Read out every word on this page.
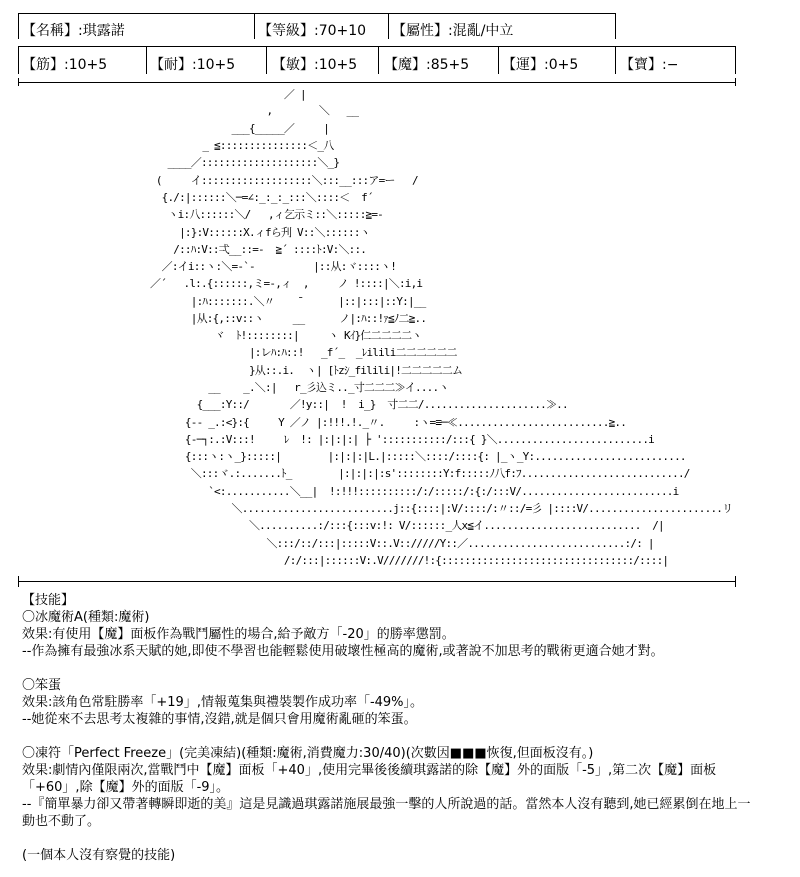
【名稱】:琪露諾	【等級】:70+10 【屬性】:混亂/中立
【筋】:10+5	【耐】:10+5	【敏】:10+5 【魔】:85+5 【運】:0+5	【寶】:−
／ |
,        ＼   __
___{_____／     |
_ ≦:::::::::::::::＜_八
____／::::::::::::::::::::＼_}
(     イ:::::::::::::::::::＼:::__:::ア=ー   /
{./:|::::::＼─=∠:_:_:_:::＼::::＜  f´
ヽi:八::::::＼/   ,ィ乞示ミ::＼:::::≧=-
|:}:V::::::X.ィfら刋 V::＼::::::ヽ
/::ﾊ:V::弌__::=-  ≧´ ::::ﾄ:V:＼::.
／:イi::ヽ:＼=-`-          |::从:ヾ::::ヽ!
／´   .l:.{::::::,ミ=-,ィ  ,     ノ !::::|＼:i,i
|:ﾊ:::::::.＼〃    ¯      |::|:::|::Y:|__
|从:{,::v::ヽ     __      ノ|:ﾊ::!ｧ≦ﾉ二≧..
ヾ  ﾄ!::::::::|     ヽ Kｲ}仁二二二二ヽ
|:レﾊ:ﾊ::!   _f´_  _ﾚilili二二二二二二
}从::.i.  ヽ| [ﾄzｼ_filili|!二二二二二ム
__    _.＼:|   r_彡込ミ.._寸二二二≫イ....ヽ
{___:Y::/       ／!y::|  !  i_}  寸二二/.....................≫..
{-- _.:<}:{     Y ／ノ |:!!!.!._〃.     :ヽ=≡─≪..........................≧..
{-─┐:.:V:::!     ﾚ  !: |:|:|:| ├ ':::::::::::/:::{ }＼..........................i
{:::ヽ:ヽ_}:::::|        |:|:|:|L.|:::::＼::::/::::{: |_ヽ_Y:..........................
＼:::ヾ.:.......ﾄ_        |:|:|:|:s'::::::::Y:f:::::ﾉ八f:ﾌ............................/
`<:...........＼__|  !:!!!::::::::::/:/:::::/:{:/:::V/..........................i
＼..........................j::{::::|:V/::::/:〃::/=彡 |::::V/.......................リ
＼..........:/:::{:::v:!: V/::::::_人x≦イ...........................  /|
＼:::/::/:::|:::::V::.V:://///Y::／...........................:/: |
/:/:::|::::::V:.V///////!:{:::::::::::::::::::::::::::::::::/::::|

【技能】

〇冰魔術A(種類:魔術)

效果:有使用【魔】面板作為戰鬥屬性的場合,給予敵方「-20」的勝率懲罰。

--作為擁有最強冰系天賦的她,即使不學習也能輕鬆使用破壞性極高的魔術,或著說不加思考的戰術更適合她才對。

〇笨蛋

效果:該角色常駐勝率「+19」,情報蒐集與禮裝製作成功率「-49%」。

--她從來不去思考太複雜的事情,沒錯,就是個只會用魔術亂砸的笨蛋。

〇凍符「Perfect Freeze」(完美凍結)(種類:魔術,消費魔力:30/40)(次數因■■■恢復,但面板沒有。)

效果:劇情內僅限兩次,當戰鬥中【魔】面板「+40」,使用完畢後後續琪露諾的除【魔】外的面版「-5」,第二次【魔】面板「+60」,除【魔】外的面版「-9」。

--『簡單暴力卻又帶著轉瞬即逝的美』這是見識過琪露諾施展最強一擊的人所說過的話。當然本人沒有聽到,她已經累倒在地上一動也不動了。

(一個本人沒有察覺的技能)
